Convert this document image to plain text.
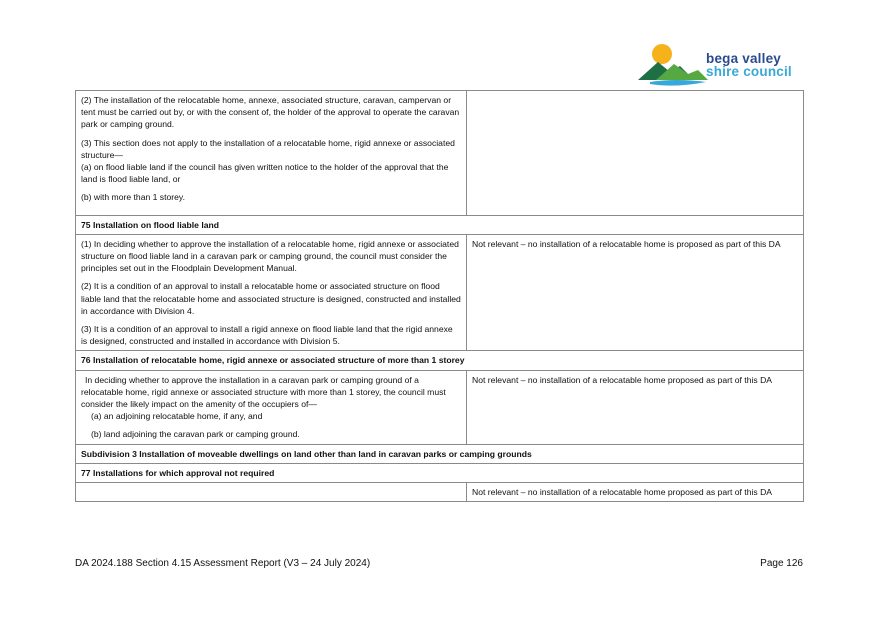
bega valley
shire council
(2) The installation of the relocatable home, annexe, associated structure, caravan, campervan or tent must be carried out by, or with the consent of, the holder of the approval to operate the caravan park or camping ground.
(3) This section does not apply to the installation of a relocatable home, rigid annexe or associated structure—
(a) on flood liable land if the council has given written notice to the holder of the approval that the land is flood liable land, or
(b) with more than 1 storey.	

75 Installation on flood liable land	

(1) In deciding whether to approve the installation of a relocatable home, rigid annexe or associated structure on flood liable land in a caravan park or camping ground, the council must consider the principles set out in the Floodplain Development Manual.
(2) It is a condition of an approval to install a relocatable home or associated structure on flood liable land that the relocatable home and associated structure is designed, constructed and installed in accordance with Division 4.
(3) It is a condition of an approval to install a rigid annexe on flood liable land that the rigid annexe is designed, constructed and installed in accordance with Division 5.	Not relevant – no installation of a relocatable home is proposed as part of this DA
76 Installation of relocatable home, rigid annexe or associated structure of more than 1 storey	

In deciding whether to approve the installation in a caravan park or camping ground of a relocatable home, rigid annexe or associated structure with more than 1 storey, the council must consider the likely impact on the amenity of the occupiers of—
(a) an adjoining relocatable home, if any, and
(b) land adjoining the caravan park or camping ground.	Not relevant – no installation of a relocatable home proposed as part of this DA
Subdivision 3 Installation of moveable dwellings on land other than land in caravan parks or camping grounds	
77 Installations for which approval not required	
	Not relevant – no installation of a relocatable home proposed as part of this DA
DA 2024.188 Section 4.15 Assessment Report (V3 – 24 July 2024)	Page 126
